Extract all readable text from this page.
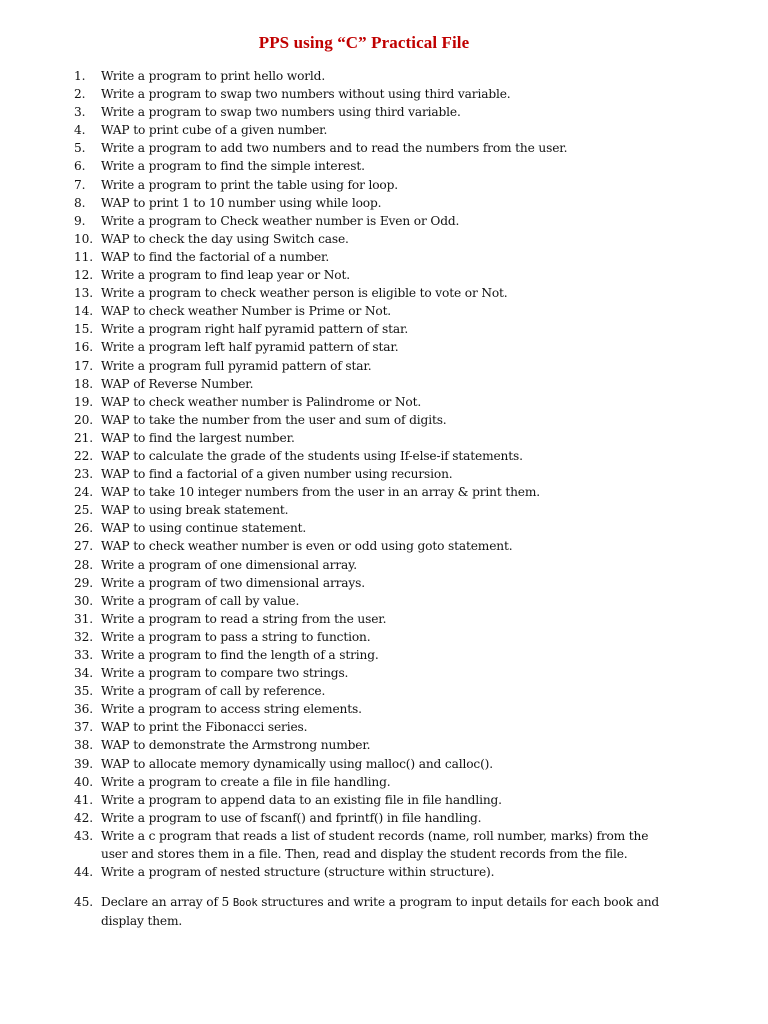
PPS using “C” Practical File
1. Write a program to print hello world.
2. Write a program to swap two numbers without using third variable.
3. Write a program to swap two numbers using third variable.
4. WAP to print cube of a given number.
5. Write a program to add two numbers and to read the numbers from the user.
6. Write a program to find the simple interest.
7. Write a program to print the table using for loop.
8. WAP to print 1 to 10 number using while loop.
9. Write a program to Check weather number is Even or Odd.
10. WAP to check the day using Switch case.
11. WAP to find the factorial of a number.
12. Write a program to find leap year or Not.
13. Write a program to check weather person is eligible to vote or Not.
14. WAP to check weather Number is Prime or Not.
15. Write a program right half pyramid pattern of star.
16. Write a program left half pyramid pattern of star.
17. Write a program full pyramid pattern of star.
18. WAP of Reverse Number.
19. WAP to check weather number is Palindrome or Not.
20. WAP to take the number from the user and sum of digits.
21. WAP to find the largest number.
22. WAP to calculate the grade of the students using If-else-if statements.
23. WAP to find a factorial of a given number using recursion.
24. WAP to take 10 integer numbers from the user in an array & print them.
25. WAP to using break statement.
26. WAP to using continue statement.
27. WAP to check weather number is even or odd using goto statement.
28. Write a program of one dimensional array.
29. Write a program of two dimensional arrays.
30. Write a program of call by value.
31. Write a program to read a string from the user.
32. Write a program to pass a string to function.
33. Write a program to find the length of a string.
34. Write a program to compare two strings.
35. Write a program of call by reference.
36. Write a program to access string elements.
37. WAP to print the Fibonacci series.
38. WAP to demonstrate the Armstrong number.
39. WAP to allocate memory dynamically using malloc() and calloc().
40. Write a program to create a file in file handling.
41. Write a program to append data to an existing file in file handling.
42. Write a program to use of fscanf() and fprintf() in file handling.
43. Write a c program that reads a list of student records (name, roll number, marks) from the user and stores them in a file. Then, read and display the student records from the file.
44. Write a program of nested structure (structure within structure).
45. Declare an array of 5 Book structures and write a program to input details for each book and display them.
